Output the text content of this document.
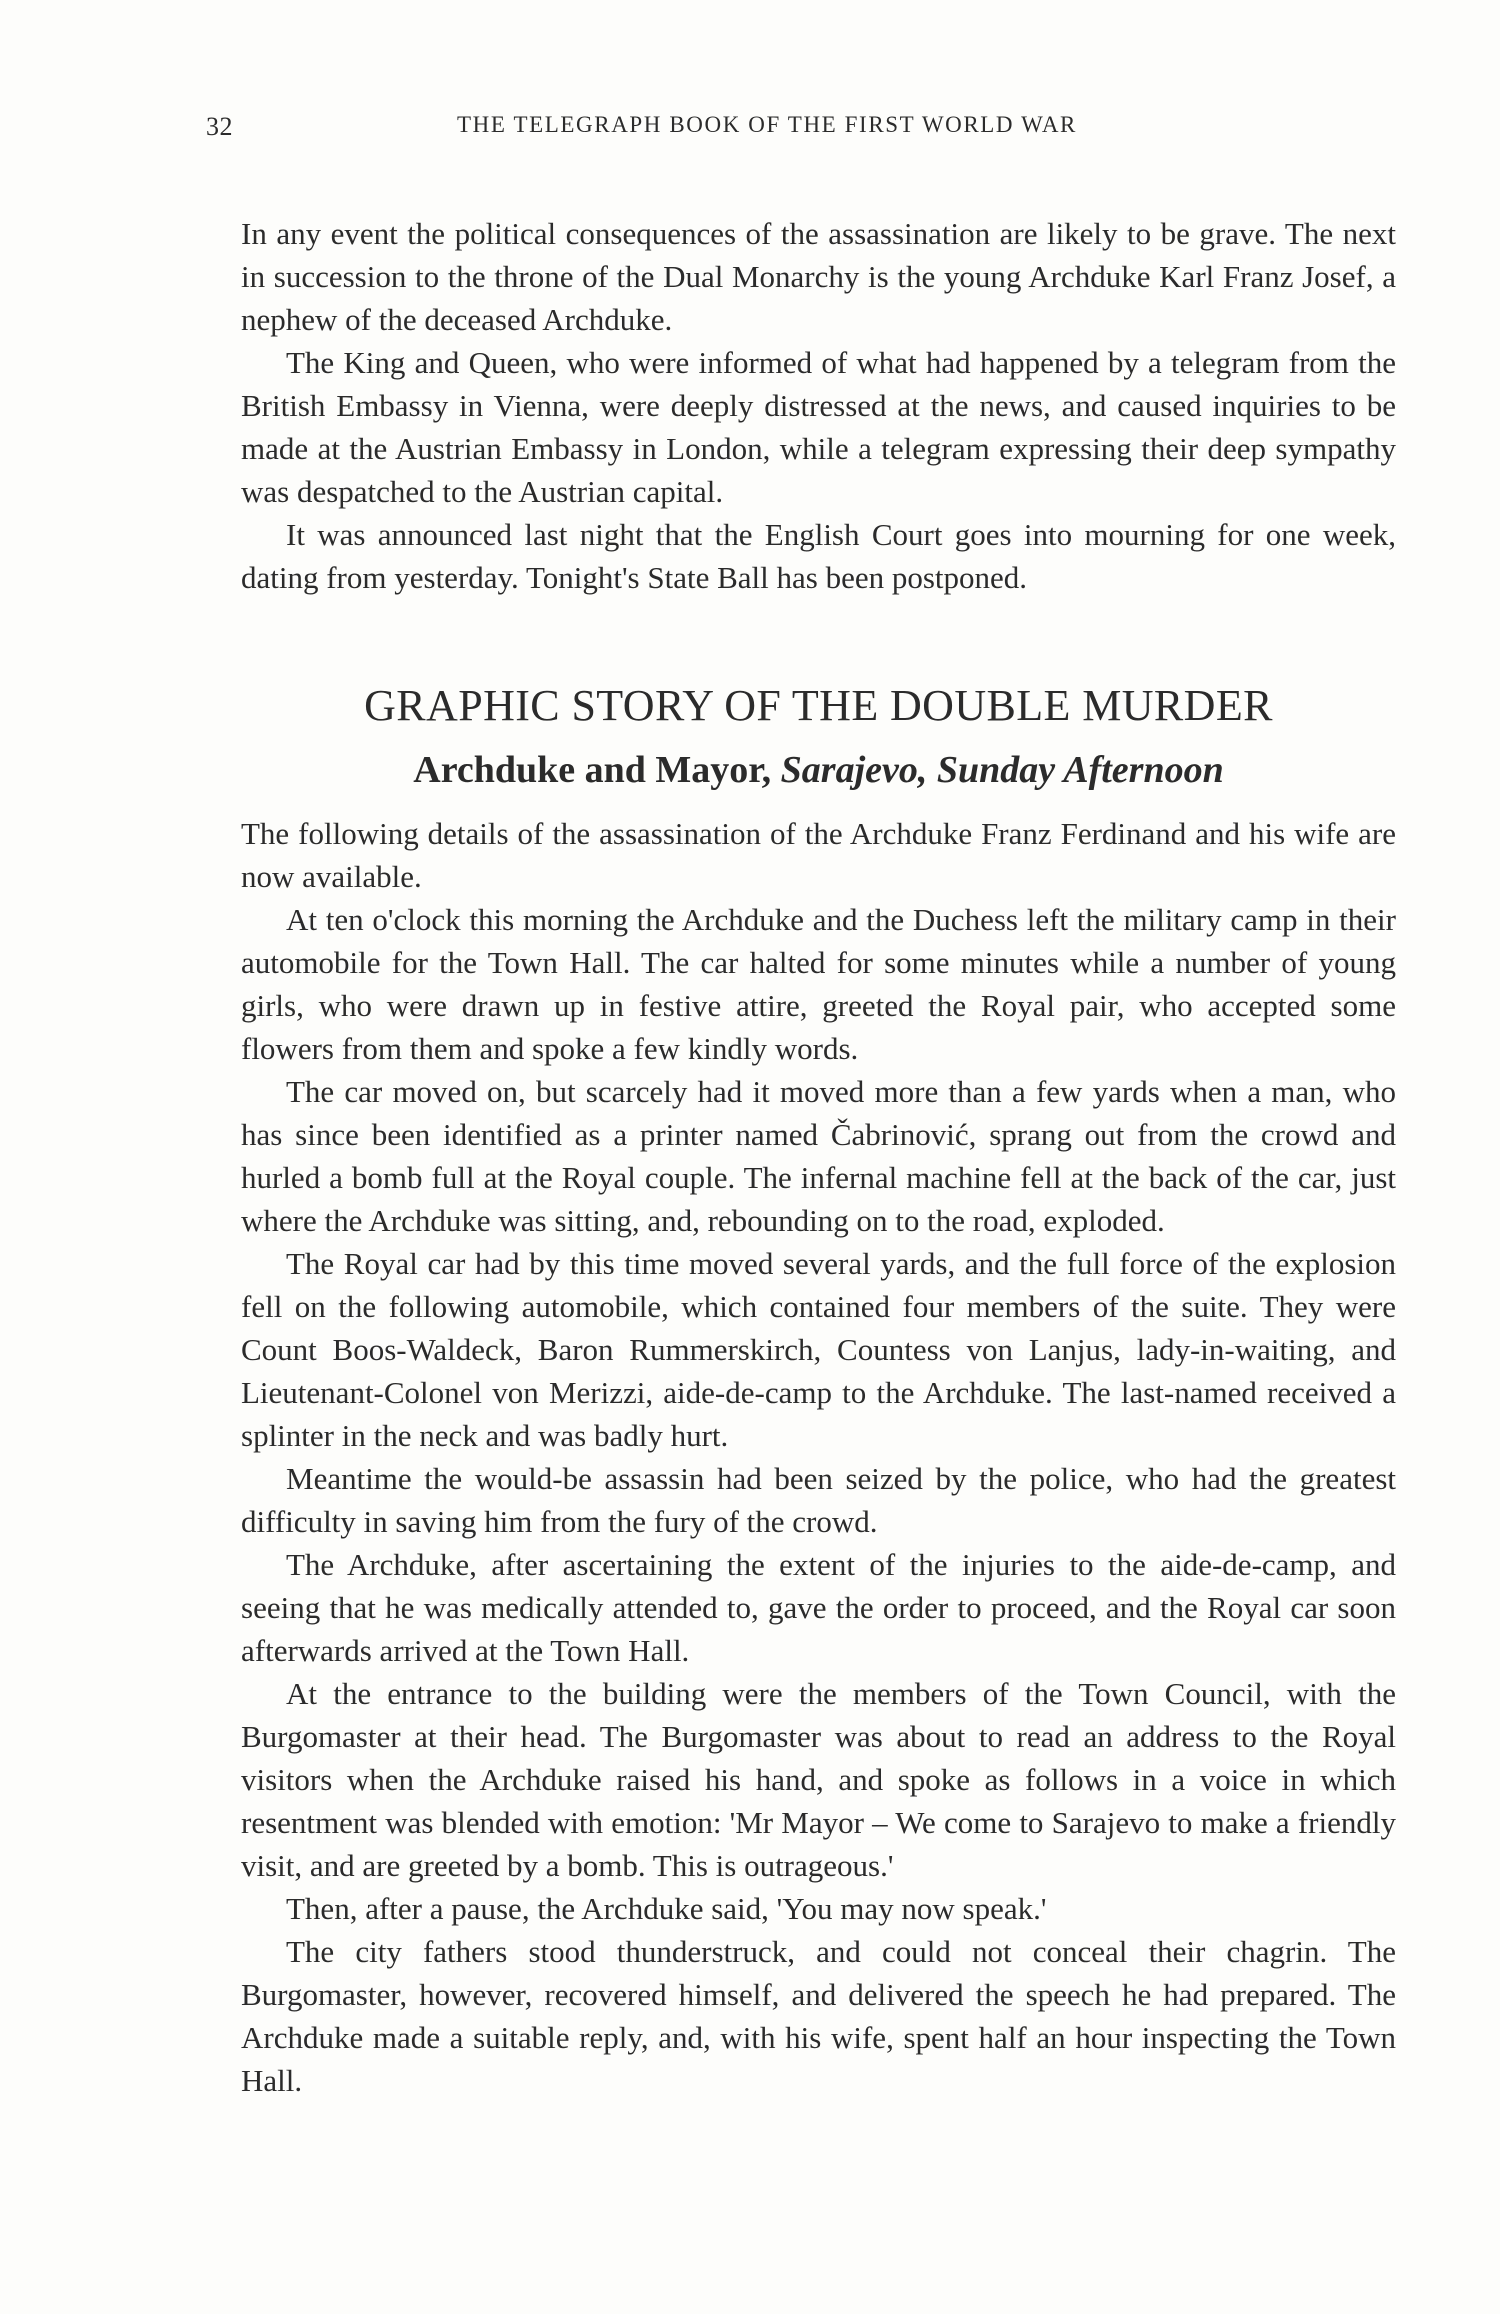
32	THE TELEGRAPH BOOK OF THE FIRST WORLD WAR

In any event the political consequences of the assassination are likely to be grave. The next in succession to the throne of the Dual Monarchy is the young Archduke Karl Franz Josef, a nephew of the deceased Archduke.

The King and Queen, who were informed of what had happened by a telegram from the British Embassy in Vienna, were deeply distressed at the news, and caused inquiries to be made at the Austrian Embassy in London, while a telegram expressing their deep sympathy was despatched to the Austrian capital.

It was announced last night that the English Court goes into mourning for one week, dating from yesterday. Tonight's State Ball has been postponed.

GRAPHIC STORY OF THE DOUBLE MURDER
Archduke and Mayor, Sarajevo, Sunday Afternoon

The following details of the assassination of the Archduke Franz Ferdinand and his wife are now available.

At ten o'clock this morning the Archduke and the Duchess left the military camp in their automobile for the Town Hall. The car halted for some minutes while a number of young girls, who were drawn up in festive attire, greeted the Royal pair, who accepted some flowers from them and spoke a few kindly words.

The car moved on, but scarcely had it moved more than a few yards when a man, who has since been identified as a printer named Čabrinović, sprang out from the crowd and hurled a bomb full at the Royal couple. The infernal machine fell at the back of the car, just where the Archduke was sitting, and, rebounding on to the road, exploded.

The Royal car had by this time moved several yards, and the full force of the explosion fell on the following automobile, which contained four members of the suite. They were Count Boos-Waldeck, Baron Rummerskirch, Countess von Lanjus, lady-in-waiting, and Lieutenant-Colonel von Merizzi, aide-de-camp to the Archduke. The last-named received a splinter in the neck and was badly hurt.

Meantime the would-be assassin had been seized by the police, who had the greatest difficulty in saving him from the fury of the crowd.

The Archduke, after ascertaining the extent of the injuries to the aide-de-camp, and seeing that he was medically attended to, gave the order to proceed, and the Royal car soon afterwards arrived at the Town Hall.

At the entrance to the building were the members of the Town Council, with the Burgomaster at their head. The Burgomaster was about to read an address to the Royal visitors when the Archduke raised his hand, and spoke as follows in a voice in which resentment was blended with emotion: 'Mr Mayor – We come to Sarajevo to make a friendly visit, and are greeted by a bomb. This is outrageous.'

Then, after a pause, the Archduke said, 'You may now speak.'

The city fathers stood thunderstruck, and could not conceal their chagrin. The Burgomaster, however, recovered himself, and delivered the speech he had prepared. The Archduke made a suitable reply, and, with his wife, spent half an hour inspecting the Town Hall.
